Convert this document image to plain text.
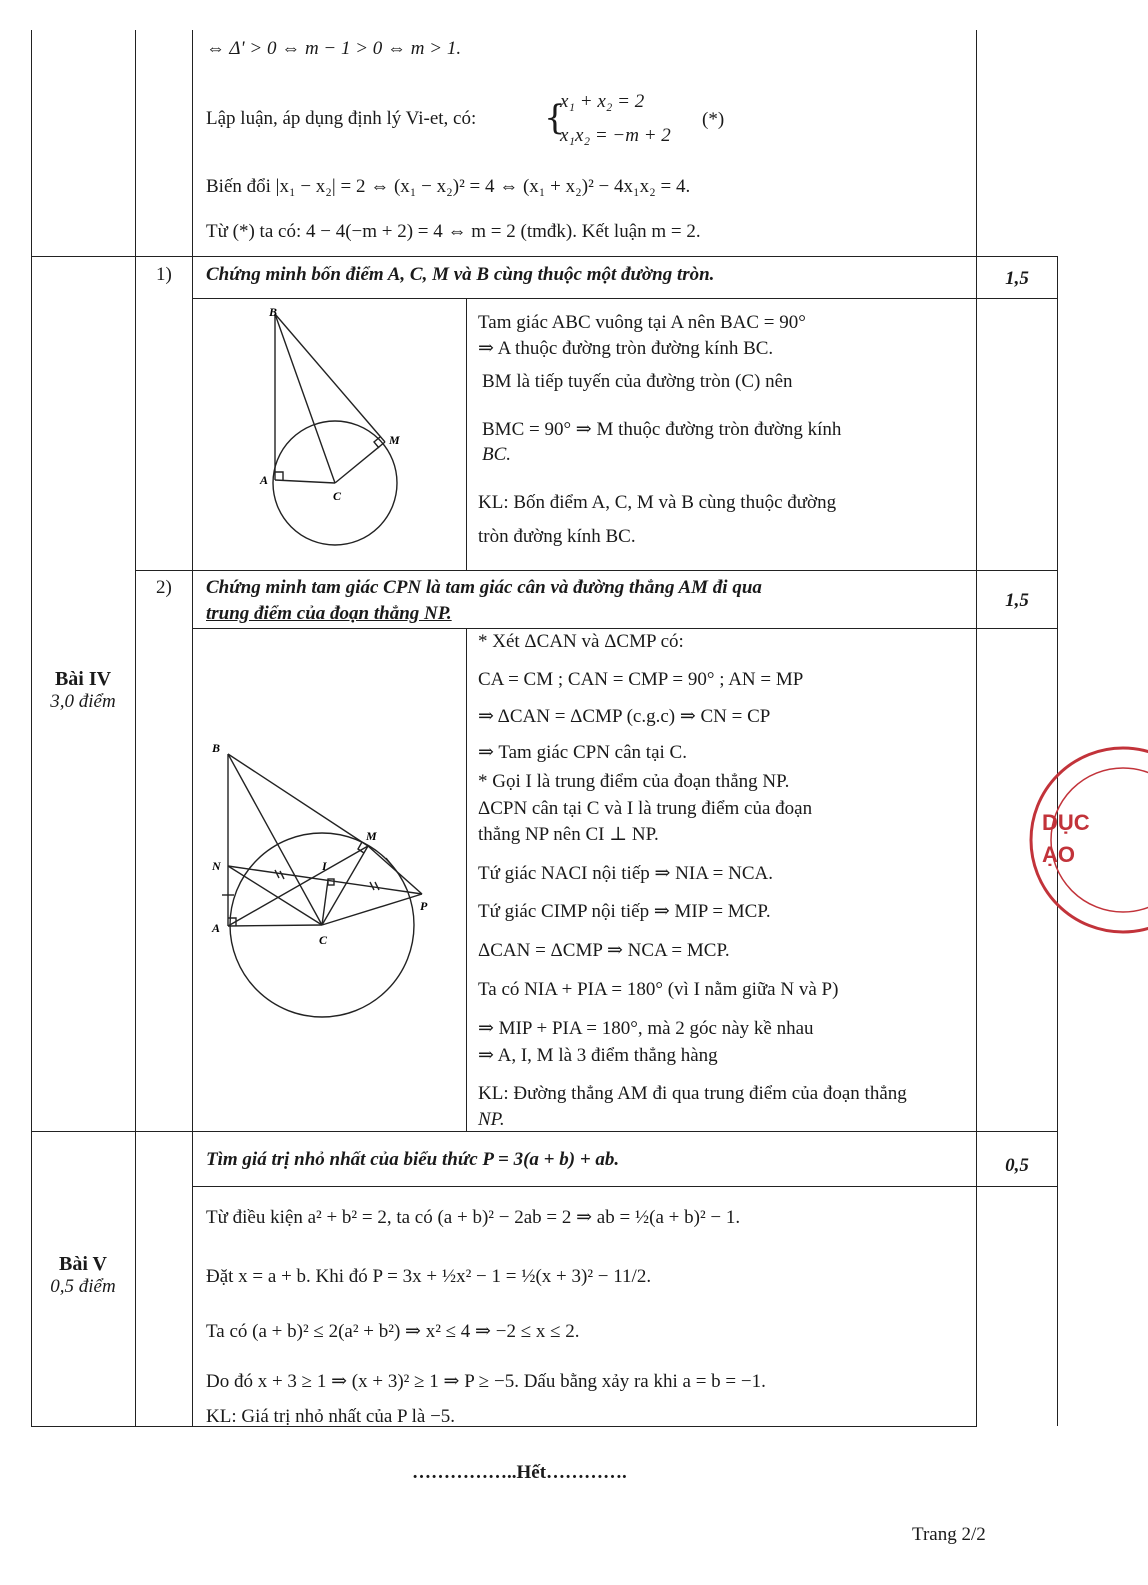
⇔ Δ' > 0 ⇔ m − 1 > 0 ⇔ m > 1.
Lập luận, áp dụng định lý Vi-et, có: {
x₁ + x₂ = 2
x₁x₂ = −m + 2
(*)
Biến đổi |x₁ − x₂| = 2 ⇔ (x₁ − x₂)² = 4 ⇔ (x₁ + x₂)² − 4x₁x₂ = 4.
Từ (*) ta có: 4 − 4(−m + 2) = 4 ⇔ m = 2 (tmđk). Kết luận m = 2.
Bài IV
3,0 điểm
1) Chứng minh bốn điểm A, C, M và B cùng thuộc một đường tròn.	1,5
B
M
A
C
Tam giác ABC vuông tại A nên BAC = 90°
⇒ A thuộc đường tròn đường kính BC.
BM là tiếp tuyến của đường tròn (C) nên
BMC = 90° ⇒ M thuộc đường tròn đường kính
BC.
KL: Bốn điểm A, C, M và B cùng thuộc đường
tròn đường kính BC.
2) Chứng minh tam giác CPN là tam giác cân và đường thẳng AM đi qua
trung điểm của đoạn thẳng NP.
1,5
B
M
N	I
P
A
C
* Xét ΔCAN và ΔCMP có:
CA = CM ; CAN = CMP = 90° ; AN = MP
⇒ ΔCAN = ΔCMP (c.g.c) ⇒ CN = CP
⇒ Tam giác CPN cân tại C.
* Gọi I là trung điểm của đoạn thẳng NP.
ΔCPN cân tại C và I là trung điểm của đoạn
thẳng NP nên CI ⊥ NP.
Tứ giác NACI nội tiếp ⇒ NIA = NCA.
Tứ giác CIMP nội tiếp ⇒ MIP = MCP.
ΔCAN = ΔCMP ⇒ NCA = MCP.
Ta có NIA + PIA = 180° (vì I nằm giữa N và P)
⇒ MIP + PIA = 180°, mà 2 góc này kề nhau
⇒ A, I, M là 3 điểm thẳng hàng
KL: Đường thẳng AM đi qua trung điểm của đoạn thẳng
NP.
Bài V
0,5 điểm
Tìm giá trị nhỏ nhất của biểu thức P = 3(a + b) + ab.	0,5
Từ điều kiện a² + b² = 2, ta có (a + b)² − 2ab = 2 ⇒ ab = ½(a + b)² − 1.
Đặt x = a + b. Khi đó P = 3x + ½x² − 1 = ½(x + 3)² − 11/2.
Ta có (a + b)² ≤ 2(a² + b²) ⇒ x² ≤ 4 ⇒ −2 ≤ x ≤ 2.
Do đó x + 3 ≥ 1 ⇒ (x + 3)² ≥ 1 ⇒ P ≥ −5. Dấu bằng xảy ra khi a = b = −1.
KL: Giá trị nhỏ nhất của P là −5.
……………..Hết………….
Trang 2/2
DỤC
ẠO
